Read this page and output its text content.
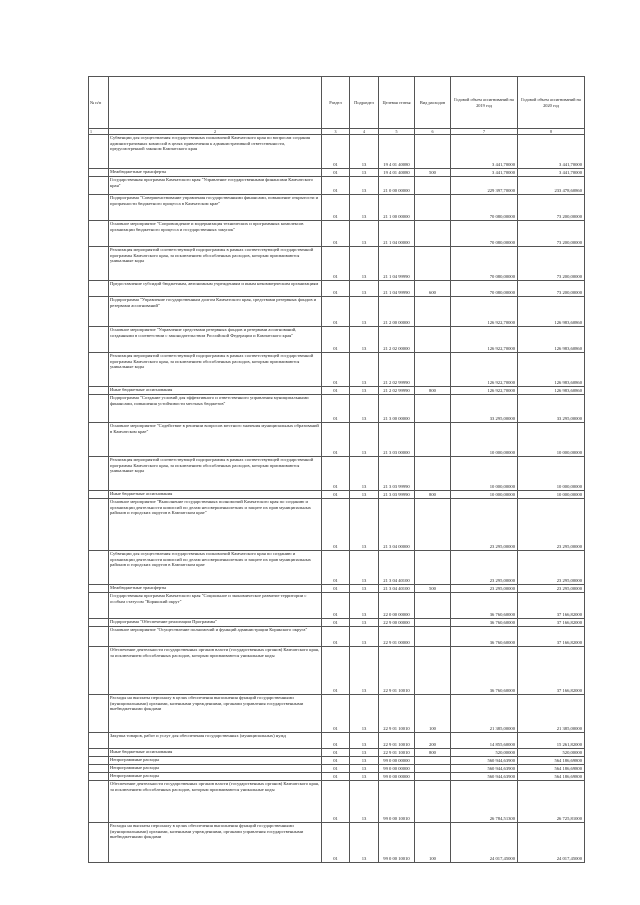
№ п/п		Раздел	Подраздел	Целевая статья	Вид расходов	Годовой объем ассигнований на 2019 год	Годовой объем ассигнований на 2020 год
1	2	3	4	5	6	7	8
	Субвенции для осуществления государственных полномочий Камчатского края по вопросам создания административных комиссий в целях привлечения к административной ответственности, предусмотренной законом Камчатского края	01	13	19 4 01 40080		3 441,70000	3 441,70000
	Межбюджетные трансферты	01	13	19 4 01 40080	500	3 441,70000	3 441,70000
	Государственная программа Камчатского края "Управление государственными финансами Камчатского края"	01	13	21 0 00 00000		229 397,70000	233 478,60860
	Подпрограмма "Совершенствование управления государственными финансами, повышение открытости и прозрачности бюджетного процесса в Камчатском крае"	01	13	21 1 00 00000		70 080,00000	73 200,00000
	Основное мероприятие "Сопровождение и модернизация технических и программных комплексов организации бюджетного процесса и государственных закупок"	01	13	21 1 04 00000		70 080,00000	73 200,00000
	Реализация мероприятий соответствующей подпрограммы в рамках соответствующей государственной программы Камчатского края, за исключением обособленных расходов, которым присваиваются уникальные коды	01	13	21 1 04 99990		70 080,00000	73 200,00000
	Предоставление субсидий бюджетным, автономным учреждениям и иным некоммерческим организациям	01	13	21 1 04 99990	600	70 080,00000	73 200,00000
	Подпрограмма "Управление государственным долгом Камчатского края, средствами резервных фондов и резервами ассигнований"	01	13	21 2 00 00000		126 922,70000	126 983,60860
	Основное мероприятие "Управление средствами резервных фондов и резервами ассигнований, созданными в соответствии с законодательством Российской Федерации и Камчатского края"	01	13	21 2 02 00000		126 922,70000	126 983,60860
	Реализация мероприятий соответствующей подпрограммы в рамках соответствующей государственной программы Камчатского края, за исключением обособленных расходов, которым присваиваются уникальные коды	01	13	21 2 02 99990		126 922,70000	126 983,60860
	Иные бюджетные ассигнования	01	13	21 2 02 99990	800	126 922,70000	126 983,60860
	Подпрограмма "Создание условий для эффективного и ответственного управления муниципальными финансами, повышения устойчивости местных бюджетов"	01	13	21 3 00 00000		33 295,00000	33 295,00000
	Основное мероприятие "Содействие в решении вопросов местного значения муниципальных образований в Камчатском крае"	01	13	21 3 03 00000		10 000,00000	10 000,00000
	Реализация мероприятий соответствующей подпрограммы в рамках соответствующей государственной программы Камчатского края, за исключением обособленных расходов, которым присваиваются уникальные коды	01	13	21 3 03 99990		10 000,00000	10 000,00000
	Иные бюджетные ассигнования	01	13	21 3 03 99990	800	10 000,00000	10 000,00000
	Основное мероприятие "Выполнение государственных полномочий Камчатского края по созданию и организации деятельности комиссий по делам несовершеннолетних и защите их прав муниципальных районов и городских округов в Камчатском крае"	01	13	21 3 04 00000		23 295,00000	23 295,00000
	Субвенции для осуществления государственных полномочий Камчатского края по созданию и организации деятельности комиссий по делам несовершеннолетних и защите их прав муниципальных районов и городских округов в Камчатском крае	01	13	21 3 04 40100		23 295,00000	23 295,00000
	Межбюджетные трансферты	01	13	21 3 04 40100	500	23 295,00000	23 295,00000
	Государственная программа Камчатского края "Социальное и экономическое развитие территории с особым статусом "Корякский округ"	01	13	22 0 00 00000		36 760,60000	37 166,82000
	Подпрограмма "Обеспечение реализации Программы"	01	13	22 9 00 00000		36 760,60000	37 166,82000
	Основное мероприятие "Осуществление полномочий и функций администрации Корякского округа"	01	13	22 9 01 00000		36 760,60000	37 166,82000
	Обеспечение деятельности государственных органов власти (государственных органов) Камчатского края, за исключением обособленных расходов, которым присваиваются уникальные коды	01	13	22 9 01 10010		36 760,60000	37 166,82000
	Расходы на выплаты персоналу в целях обеспечения выполнения функций государственными (муниципальными) органами, казенными учреждениями, органами управления государственными внебюджетными фондами	01	13	22 9 01 10010	100	21 385,00000	21 385,00000
	Закупка товаров, работ и услуг для обеспечения государственных (муниципальных) нужд	01	13	22 9 01 10010	200	14 855,60000	15 261,82000
	Иные бюджетные ассигнования	01	13	22 9 01 10010	800	520,00000	520,00000
	Непрограммные расходы	01	13	99 0 00 00000		560 944,63900	564 186,69800
	Непрограммные расходы	01	13	99 0 00 00000		560 944,63900	564 186,69800
	Непрограммные расходы	01	13	99 0 00 00000		560 944,63900	564 186,69800
	Обеспечение деятельности государственных органов власти (государственных органов) Камчатского края, за исключением обособленных расходов, которым присваиваются уникальные коды	01	13	99 0 00 10010		26 784,51300	26 725,81000
	Расходы на выплаты персоналу в целях обеспечения выполнения функций государственными (муниципальными) органами, казенными учреждениями, органами управления государственными внебюджетными фондами	01	13	99 0 00 10010	100	24 017,45000	24 017,45000
